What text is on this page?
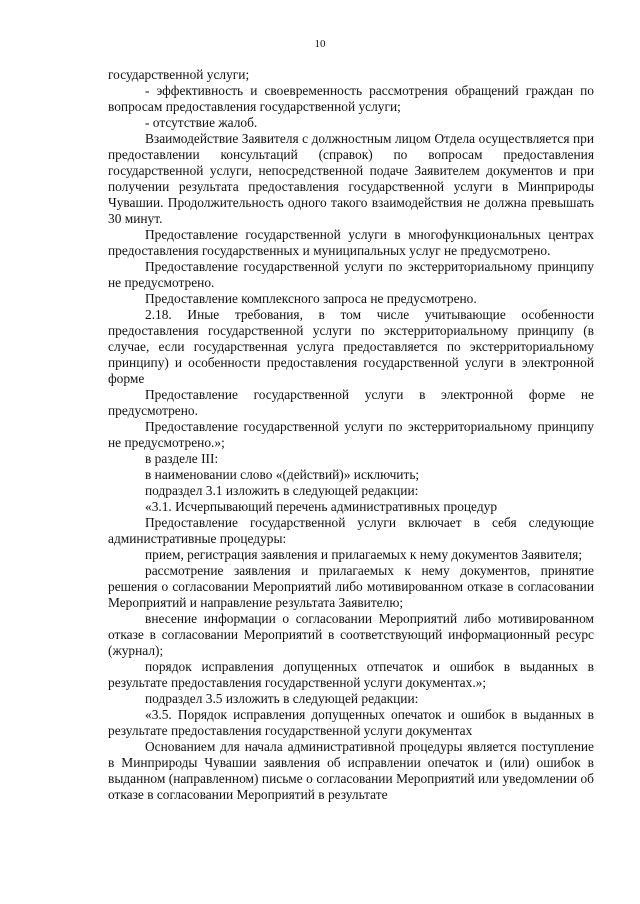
10

государственной услуги;

- эффективность и своевременность рассмотрения обращений граждан по вопросам предоставления государственной услуги;

- отсутствие жалоб.

Взаимодействие Заявителя с должностным лицом Отдела осуществляется при предоставлении консультаций (справок) по вопросам предоставления государственной услуги, непосредственной подаче Заявителем документов и при получении результата предоставления государственной услуги в Минприроды Чувашии. Продолжительность одного такого взаимодействия не должна превышать 30 минут.

Предоставление государственной услуги в многофункциональных центрах предоставления государственных и муниципальных услуг не предусмотрено.

Предоставление государственной услуги по экстерриториальному принципу не предусмотрено.

Предоставление комплексного запроса не предусмотрено.

2.18. Иные требования, в том числе учитывающие особенности предоставления государственной услуги по экстерриториальному принципу (в случае, если государственная услуга предоставляется по экстерриториальному принципу) и особенности предоставления государственной услуги в электронной форме

Предоставление государственной услуги в электронной форме не предусмотрено.

Предоставление государственной услуги по экстерриториальному принципу не предусмотрено.»;

в разделе III:

в наименовании слово «(действий)» исключить;

подраздел 3.1 изложить в следующей редакции:

«3.1. Исчерпывающий перечень административных процедур

Предоставление государственной услуги включает в себя следующие административные процедуры:

прием, регистрация заявления и прилагаемых к нему документов Заявителя;

рассмотрение заявления и прилагаемых к нему документов, принятие решения о согласовании Мероприятий либо мотивированном отказе в согласовании Мероприятий и направление результата Заявителю;

внесение информации о согласовании Мероприятий либо мотивированном отказе в согласовании Мероприятий в соответствующий информационный ресурс (журнал);

порядок исправления допущенных отпечаток и ошибок в выданных в результате предоставления государственной услуги документах.»;

подраздел 3.5 изложить в следующей редакции:

«3.5. Порядок исправления допущенных опечаток и ошибок в выданных в результате предоставления государственной услуги документах

Основанием для начала административной процедуры является поступление в Минприроды Чувашии заявления об исправлении опечаток и (или) ошибок в выданном (направленном) письме о согласовании Мероприятий или уведомлении об отказе в согласовании Мероприятий в результате
